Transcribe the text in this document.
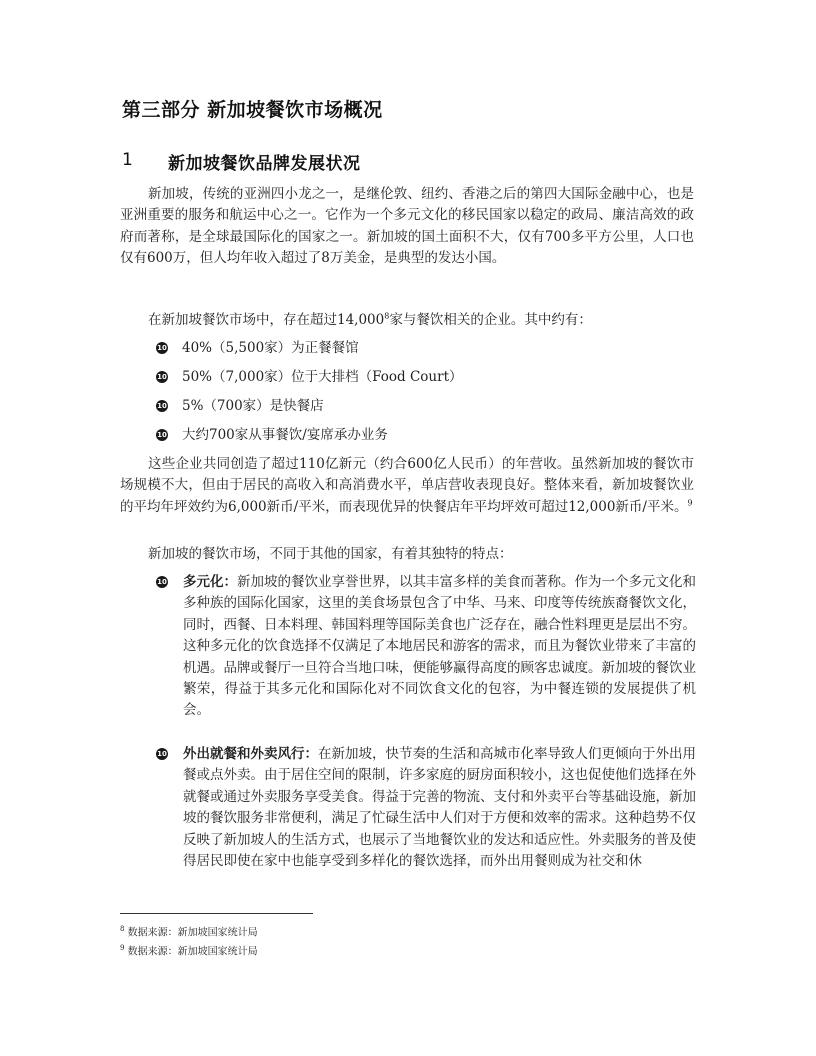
第三部分 新加坡餐饮市场概况
1 新加坡餐饮品牌发展状况

新加坡，传统的亚洲四小龙之一，是继伦敦、纽约、香港之后的第四大国际金融中心，也是亚洲重要的服务和航运中心之一。它作为一个多元文化的移民国家以稳定的政局、廉洁高效的政府而著称，是全球最国际化的国家之一。新加坡的国土面积不大，仅有700多平方公里，人口也仅有600万，但人均年收入超过了8万美金，是典型的发达小国。

在新加坡餐饮市场中，存在超过14,000$^8$家与餐饮相关的企业。其中约有：

10 40%（5,500家）为正餐餐馆
10 50%（7,000家）位于大排档（Food Court）
10 5%（700家）是快餐店
10 大约700家从事餐饮/宴席承办业务

这些企业共同创造了超过110亿新元（约合600亿人民币）的年营收。虽然新加坡的餐饮市场规模不大，但由于居民的高收入和高消费水平，单店营收表现良好。整体来看，新加坡餐饮业的平均年坪效约为6,000新币/平米，而表现优异的快餐店年平均坪效可超过12,000新币/平米。$^9$

新加坡的餐饮市场，不同于其他的国家，有着其独特的特点：

10 多元化：新加坡的餐饮业享誉世界，以其丰富多样的美食而著称。作为一个多元文化和多种族的国际化国家，这里的美食场景包含了中华、马来、印度等传统族裔餐饮文化，同时，西餐、日本料理、韩国料理等国际美食也广泛存在，融合性料理更是层出不穷。这种多元化的饮食选择不仅满足了本地居民和游客的需求，而且为餐饮业带来了丰富的机遇。品牌或餐厅一旦符合当地口味，便能够赢得高度的顾客忠诚度。新加坡的餐饮业繁荣，得益于其多元化和国际化对不同饮食文化的包容，为中餐连锁的发展提供了机会。
10 外出就餐和外卖风行：在新加坡，快节奏的生活和高城市化率导致人们更倾向于外出用餐或点外卖。由于居住空间的限制，许多家庭的厨房面积较小，这也促使他们选择在外就餐或通过外卖服务享受美食。得益于完善的物流、支付和外卖平台等基础设施，新加坡的餐饮服务非常便利，满足了忙碌生活中人们对于方便和效率的需求。这种趋势不仅反映了新加坡人的生活方式，也展示了当地餐饮业的发达和适应性。外卖服务的普及使得居民即使在家中也能享受到多样化的餐饮选择，而外出用餐则成为社交和休
$^8$ 数据来源：新加坡国家统计局
$^9$ 数据来源：新加坡国家统计局
